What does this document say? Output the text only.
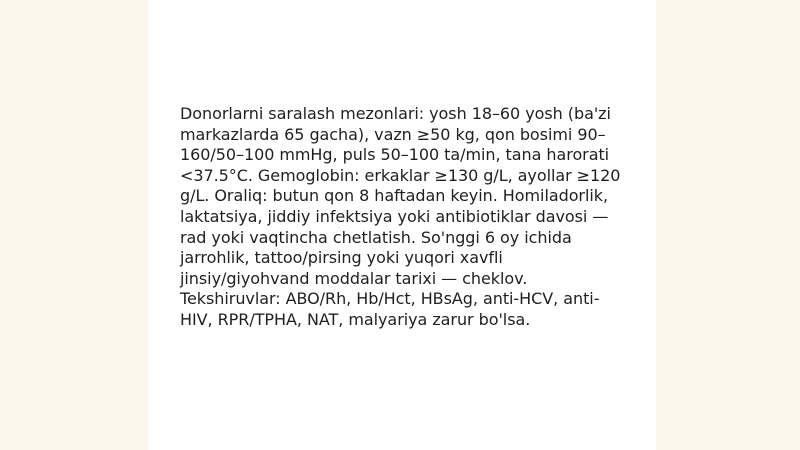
Donorlarni saralash mezonlari: yosh 18–60 yosh (ba'zi markazlarda 65 gacha), vazn ≥50 kg, qon bosimi 90–160/50–100 mmHg, puls 50–100 ta/min, tana harorati <37.5°C. Gemoglobin: erkaklar ≥130 g/L, ayollar ≥120 g/L. Oraliq: butun qon 8 haftadan keyin. Homiladorlik, laktatsiya, jiddiy infektsiya yoki antibiotiklar davosi — rad yoki vaqtincha chetlatish. So'nggi 6 oy ichida jarrohlik, tattoo/pirsing yoki yuqori xavfli jinsiy/giyohvand moddalar tarixi — cheklov. Tekshiruvlar: ABO/Rh, Hb/Hct, HBsAg, anti-HCV, anti-HIV, RPR/TPHA, NAT, malyariya zarur bo'lsa.
